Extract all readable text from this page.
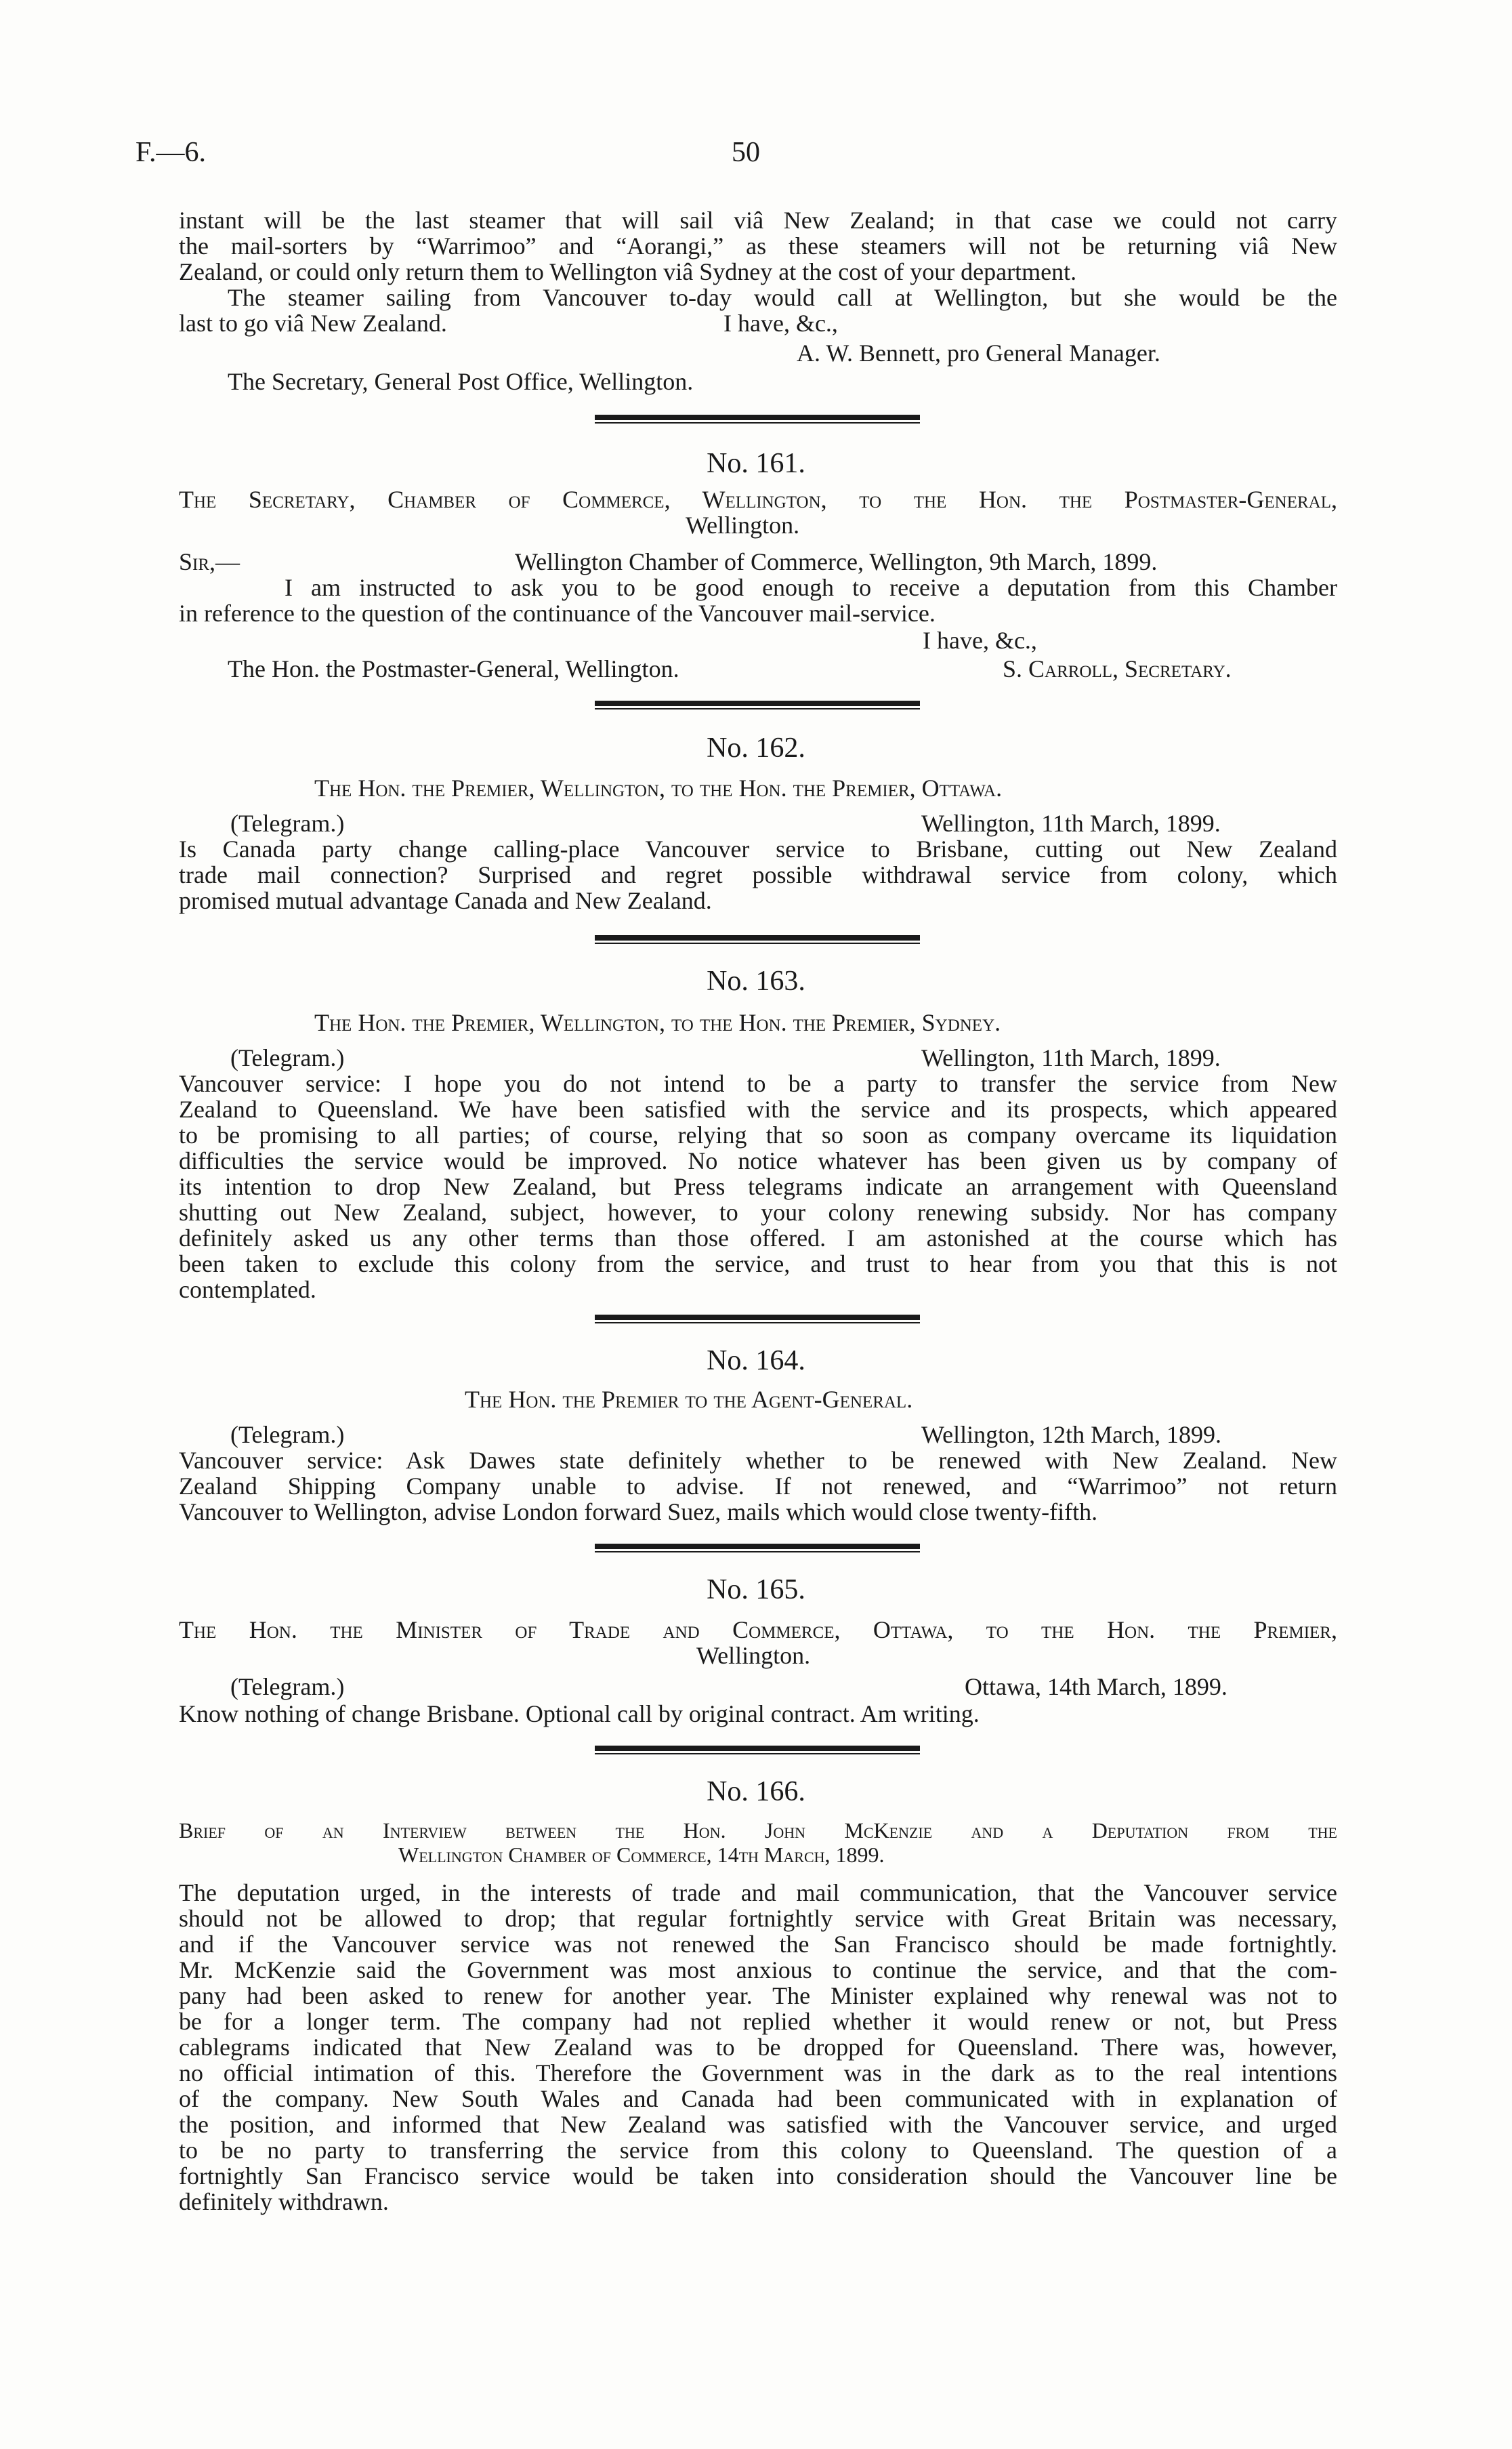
F.—6.	50
instant will be the last steamer that will sail viâ New Zealand; in that case we could not carry
the mail-sorters by “Warrimoo” and “Aorangi,” as these steamers will not be returning viâ New
Zealand, or could only return them to Wellington viâ Sydney at the cost of your department.
The steamer sailing from Vancouver to-day would call at Wellington, but she would be the
last to go viâ New Zealand.	I have, &c.,
A. W. Bennett, pro General Manager.
The Secretary, General Post Office, Wellington.
No. 161.
The Secretary, Chamber of Commerce, Wellington, to the Hon. the Postmaster-General,
Wellington.
Sir,—	Wellington Chamber of Commerce, Wellington, 9th March, 1899.
I am instructed to ask you to be good enough to receive a deputation from this Chamber
in reference to the question of the continuance of the Vancouver mail-service.
I have, &c.,
The Hon. the Postmaster-General, Wellington.	S. Carroll, Secretary.
No. 162.
The Hon. the Premier, Wellington, to the Hon. the Premier, Ottawa.
(Telegram.)	Wellington, 11th March, 1899.
Is Canada party change calling-place Vancouver service to Brisbane, cutting out New Zealand
trade mail connection? Surprised and regret possible withdrawal service from colony, which
promised mutual advantage Canada and New Zealand.
No. 163.
The Hon. the Premier, Wellington, to the Hon. the Premier, Sydney.
(Telegram.)	Wellington, 11th March, 1899.
Vancouver service: I hope you do not intend to be a party to transfer the service from New
Zealand to Queensland. We have been satisfied with the service and its prospects, which appeared
to be promising to all parties; of course, relying that so soon as company overcame its liquidation
difficulties the service would be improved. No notice whatever has been given us by company of
its intention to drop New Zealand, but Press telegrams indicate an arrangement with Queensland
shutting out New Zealand, subject, however, to your colony renewing subsidy. Nor has company
definitely asked us any other terms than those offered. I am astonished at the course which has
been taken to exclude this colony from the service, and trust to hear from you that this is not
contemplated.
No. 164.
The Hon. the Premier to the Agent-General.
(Telegram.)	Wellington, 12th March, 1899.
Vancouver service: Ask Dawes state definitely whether to be renewed with New Zealand. New
Zealand Shipping Company unable to advise. If not renewed, and “Warrimoo” not return
Vancouver to Wellington, advise London forward Suez, mails which would close twenty-fifth.
No. 165.
The Hon. the Minister of Trade and Commerce, Ottawa, to the Hon. the Premier,
Wellington.
(Telegram.)	Ottawa, 14th March, 1899.
Know nothing of change Brisbane. Optional call by original contract. Am writing.
No. 166.
Brief of an Interview between the Hon. John McKenzie and a Deputation from the
Wellington Chamber of Commerce, 14th March, 1899.
The deputation urged, in the interests of trade and mail communication, that the Vancouver service
should not be allowed to drop; that regular fortnightly service with Great Britain was necessary,
and if the Vancouver service was not renewed the San Francisco should be made fortnightly.
Mr. McKenzie said the Government was most anxious to continue the service, and that the com-
pany had been asked to renew for another year. The Minister explained why renewal was not to
be for a longer term. The company had not replied whether it would renew or not, but Press
cablegrams indicated that New Zealand was to be dropped for Queensland. There was, however,
no official intimation of this. Therefore the Government was in the dark as to the real intentions
of the company. New South Wales and Canada had been communicated with in explanation of
the position, and informed that New Zealand was satisfied with the Vancouver service, and urged
to be no party to transferring the service from this colony to Queensland. The question of a
fortnightly San Francisco service would be taken into consideration should the Vancouver line be
definitely withdrawn.
